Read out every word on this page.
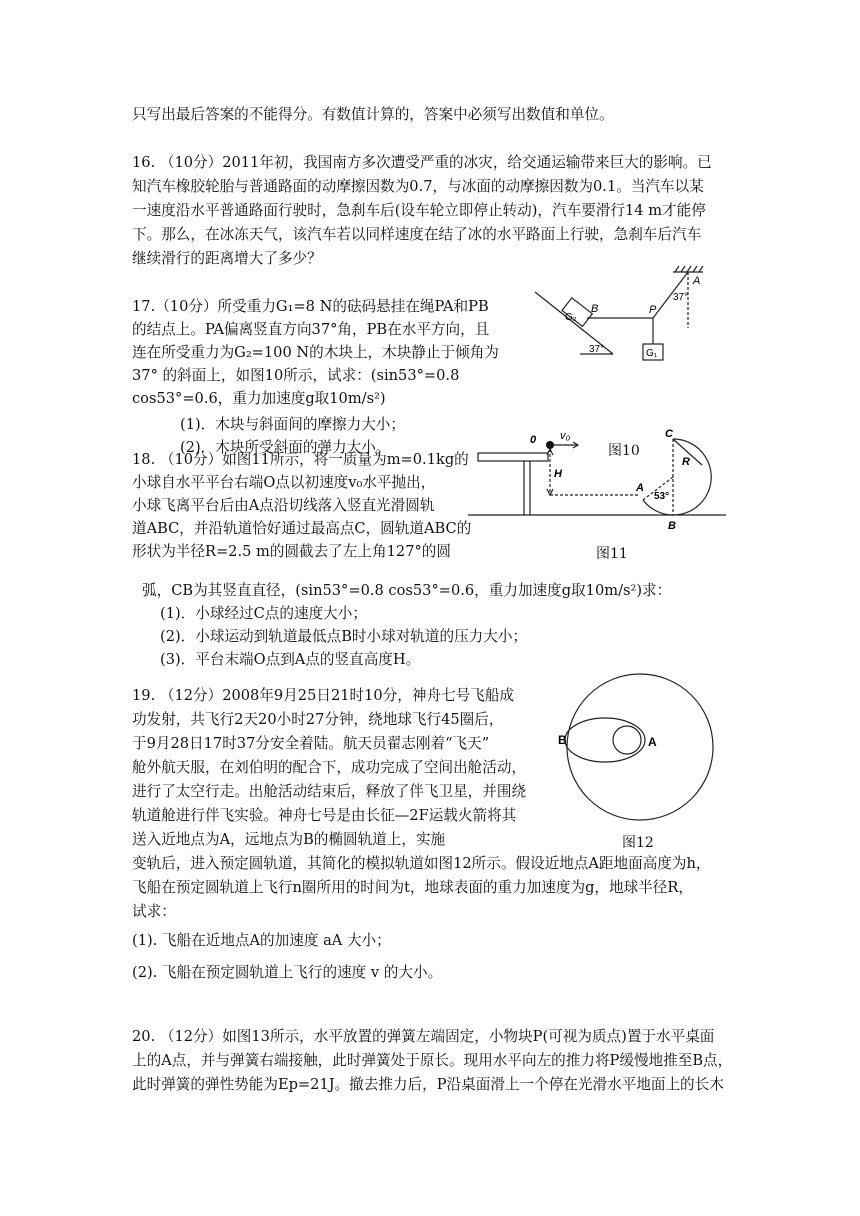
只写出最后答案的不能得分。有数值计算的，答案中必须写出数值和单位。
16. （10分）2011年初，我国南方多次遭受严重的冰灾，给交通运输带来巨大的影响。已
知汽车橡胶轮胎与普通路面的动摩擦因数为0.7，与冰面的动摩擦因数为0.1。当汽车以某
一速度沿水平普通路面行驶时，急刹车后(设车轮立即停止转动)，汽车要滑行14 m才能停
下。那么，在冰冻天气，该汽车若以同样速度在结了冰的水平路面上行驶，急刹车后汽车
继续滑行的距离增大了多少？
17.（10分）所受重力G₁=8 N的砝码悬挂在绳PA和PB
的结点上。PA偏离竖直方向37°角，PB在水平方向，且
连在所受重力为G₂=100 N的木块上，木块静止于倾角为
37° 的斜面上，如图10所示，试求：(sin53°=0.8
cos53°=0.6，重力加速度g取10m/s²)
(1)．木块与斜面间的摩擦力大小；
(2)．木块所受斜面的弹力大小。	图10
B	P
A
37°
37°
G₂
G₁
18. （10分）如图11所示，将一质量为m=0.1kg的
小球自水平平台右端O点以初速度v₀水平抛出，
小球飞离平台后由A点沿切线落入竖直光滑圆轨
道ABC，并沿轨道恰好通过最高点C，圆轨道ABC的
形状为半径R=2.5 m的圆截去了左上角127°的圆	图11
弧，CB为其竖直直径，(sin53°=0.8 cos53°=0.6，重力加速度g取10m/s²)求：
(1)．小球经过C点的速度大小；
(2)．小球运动到轨道最低点B时小球对轨道的压力大小；
(3)．平台末端O点到A点的竖直高度H。
0 v₀
H
A
B
C
R
53°
19. （12分）2008年9月25日21时10分，神舟七号飞船成
功发射，共飞行2天20小时27分钟，绕地球飞行45圈后，
于9月28日17时37分安全着陆。航天员翟志刚着“飞天”
舱外航天服，在刘伯明的配合下，成功完成了空间出舱活动，
进行了太空行走。出舱活动结束后，释放了伴飞卫星，并围绕
轨道舱进行伴飞实验。神舟七号是由长征—2F运载火箭将其
送入近地点为A，远地点为B的椭圆轨道上，实施	图12
变轨后，进入预定圆轨道，其简化的模拟轨道如图12所示。假设近地点A距地面高度为h，
飞船在预定圆轨道上飞行n圈所用的时间为t，地球表面的重力加速度为g，地球半径R，
试求：
(1). 飞船在近地点A的加速度 aA 大小；
(2). 飞船在预定圆轨道上飞行的速度 v 的大小。
B	A
20. （12分）如图13所示，水平放置的弹簧左端固定，小物块P(可视为质点)置于水平桌面
上的A点，并与弹簧右端接触，此时弹簧处于原长。现用水平向左的推力将P缓慢地推至B点，
此时弹簧的弹性势能为Ep=21J。撤去推力后，P沿桌面滑上一个停在光滑水平地面上的长木
